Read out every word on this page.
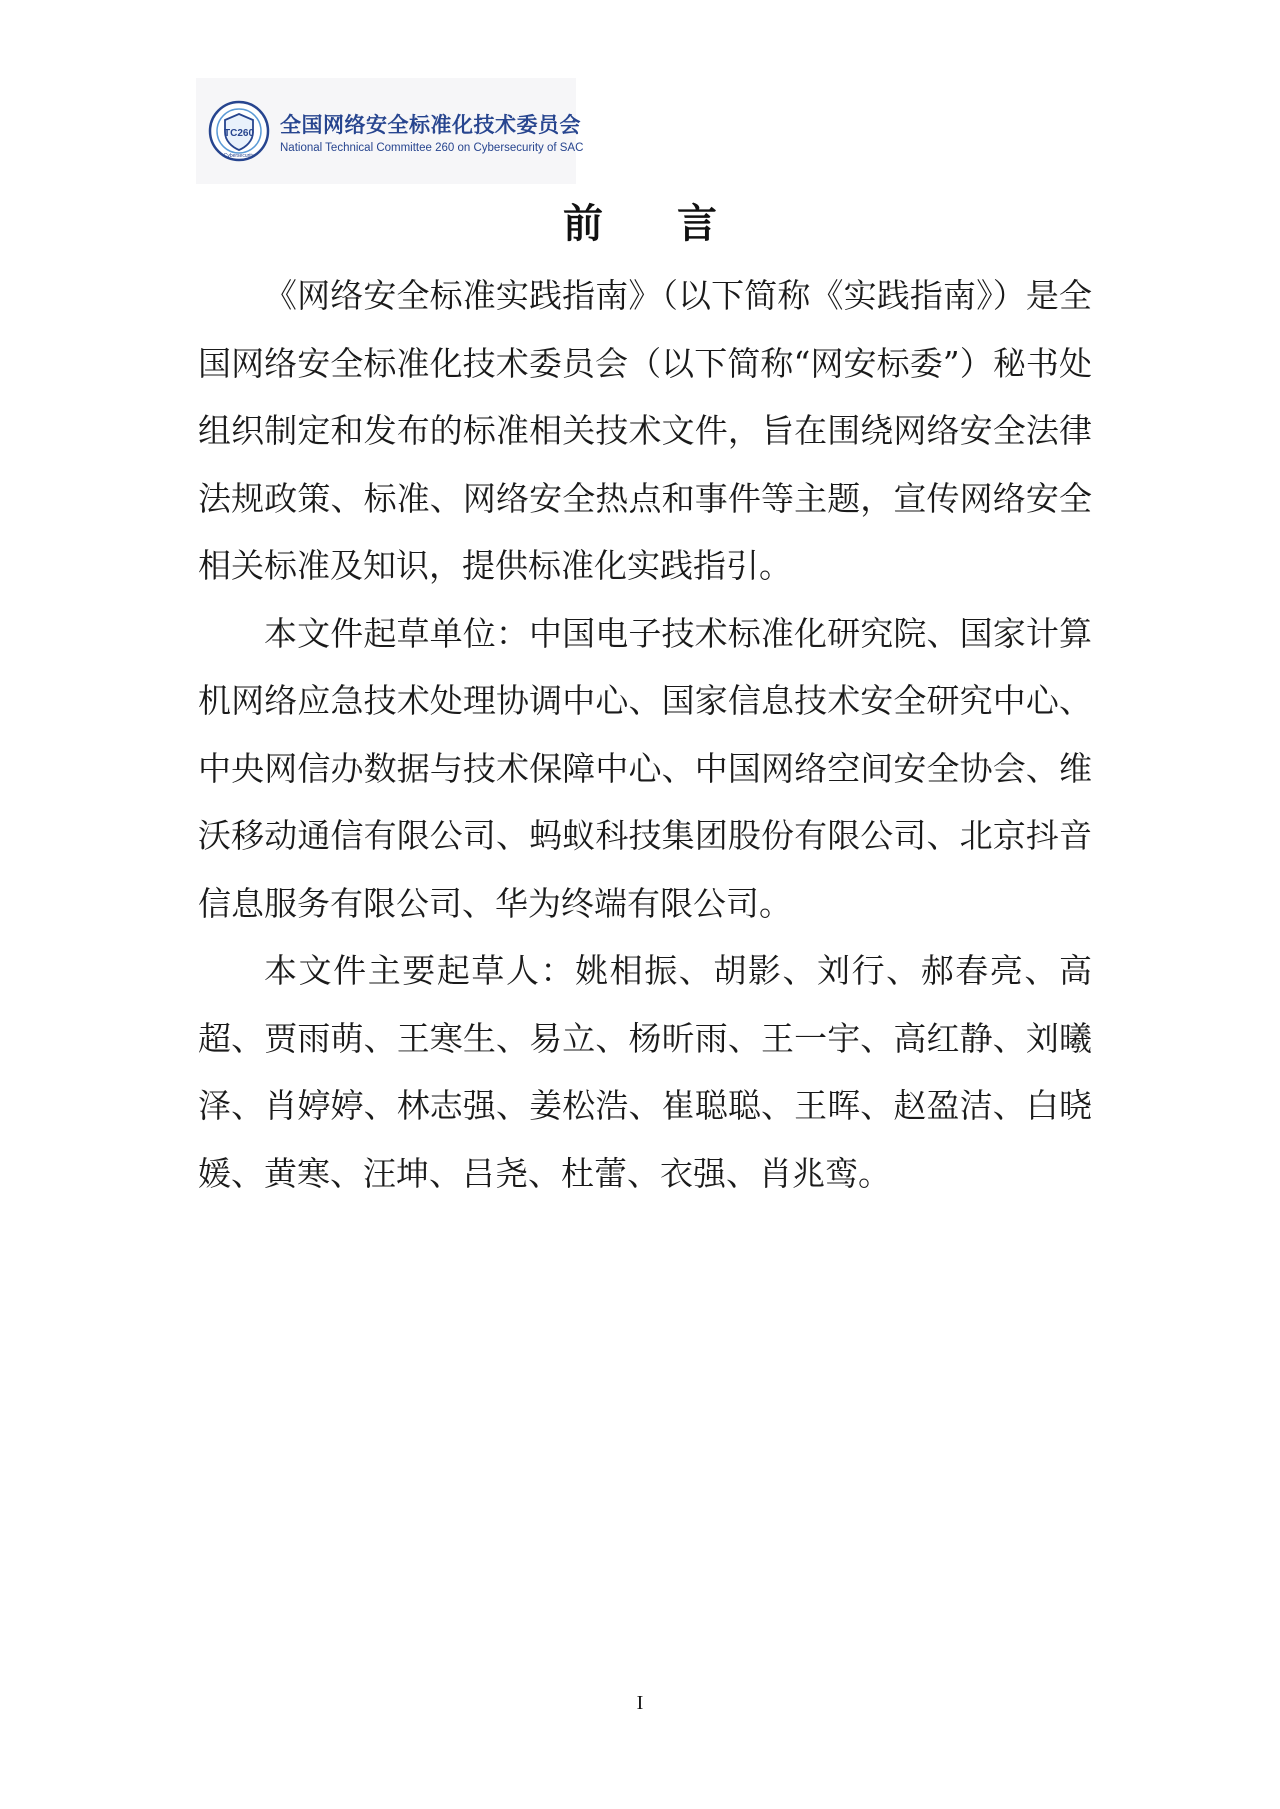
TC260
Cybersecurity
全国网络安全标准化技术委员会
National Technical Committee 260 on Cybersecurity of SAC
前 言

《网络安全标准实践指南》（以下简称《实践指南》）是全国网络安全标准化技术委员会（以下简称“网安标委”）秘书处组织制定和发布的标准相关技术文件，旨在围绕网络安全法律法规政策、标准、网络安全热点和事件等主题，宣传网络安全相关标准及知识，提供标准化实践指引。

本文件起草单位：中国电子技术标准化研究院、国家计算机网络应急技术处理协调中心、国家信息技术安全研究中心、中央网信办数据与技术保障中心、中国网络空间安全协会、维沃移动通信有限公司、蚂蚁科技集团股份有限公司、北京抖音信息服务有限公司、华为终端有限公司。

本文件主要起草人：姚相振、胡影、刘行、郝春亮、高超、贾雨萌、王寒生、易立、杨昕雨、王一宇、高红静、刘曦泽、肖婷婷、林志强、姜松浩、崔聪聪、王晖、赵盈洁、白晓媛、黄寒、汪坤、吕尧、杜蕾、衣强、肖兆鸾。

I
